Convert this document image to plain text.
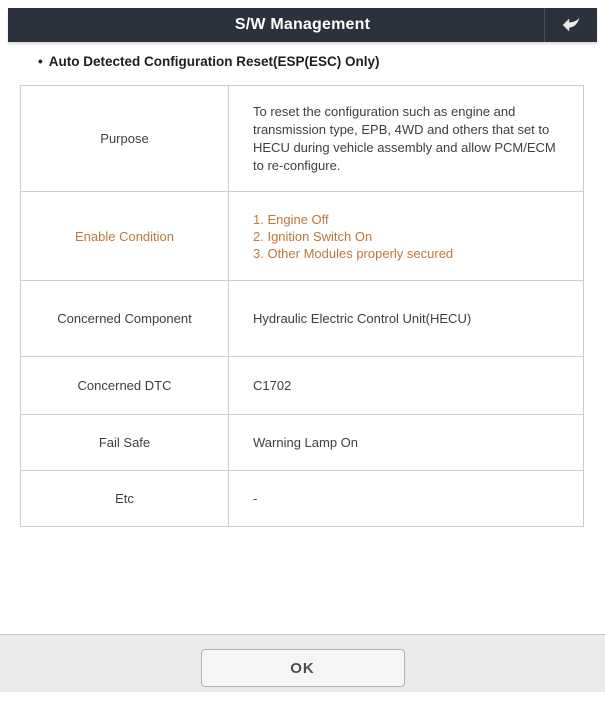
S/W Management
• Auto Detected Configuration Reset(ESP(ESC) Only)
Purpose	To reset the configuration such as engine and transmission type, EPB, 4WD and others that set to HECU during vehicle assembly and allow PCM/ECM to re-configure.
Enable Condition	1. Engine Off
2. Ignition Switch On
3. Other Modules properly secured

Concerned Component	Hydraulic Electric Control Unit(HECU)
Concerned DTC	C1702
Fail Safe	Warning Lamp On
Etc	-
OK
